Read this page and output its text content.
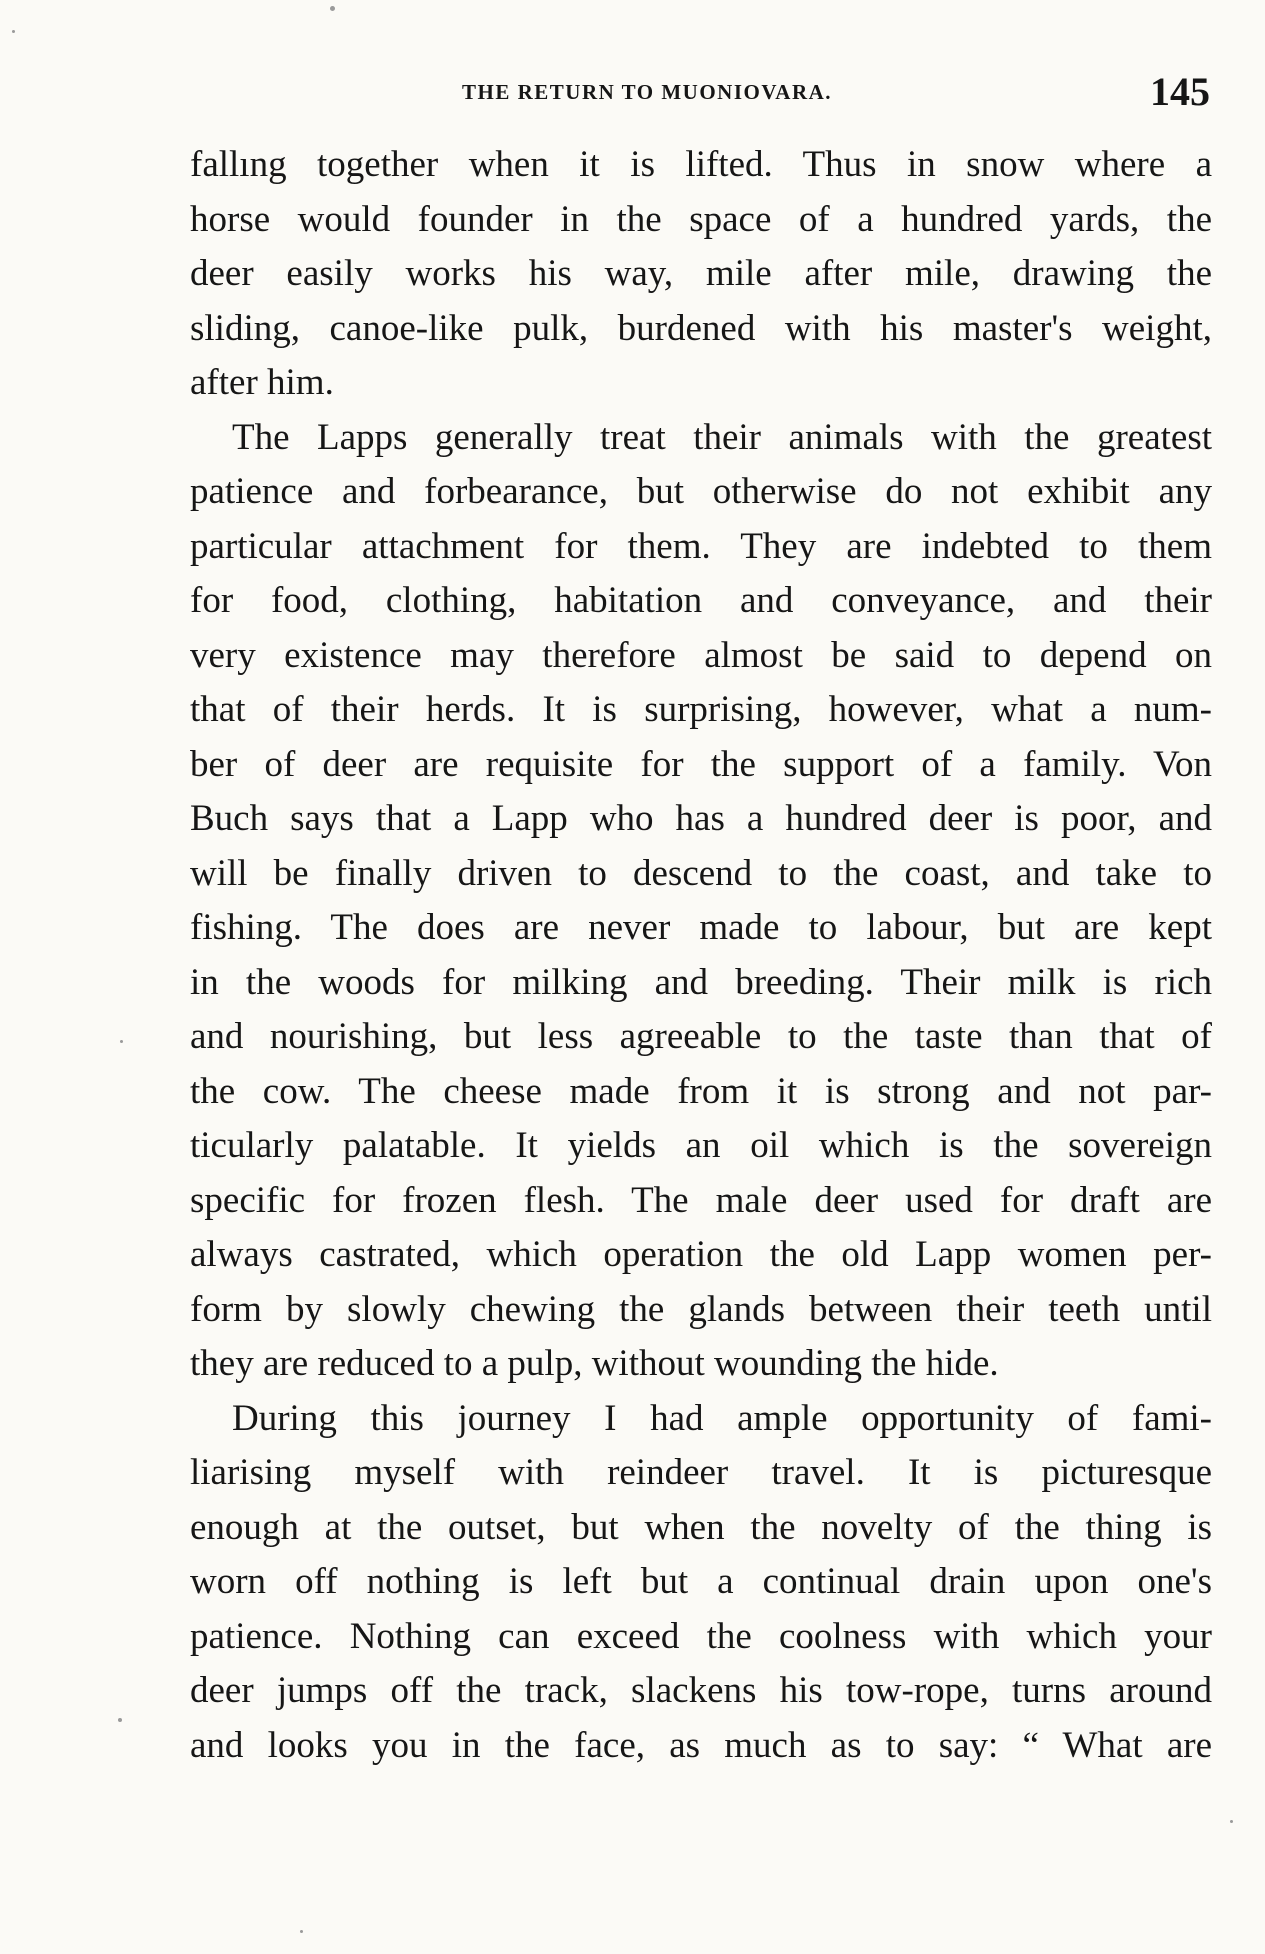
THE RETURN TO MUONIOVARA.	145
fallıng together when it is lifted. Thus in snow where a
horse would founder in the space of a hundred yards, the
deer easily works his way, mile after mile, drawing the
sliding, canoe-like pulk, burdened with his master's weight,
after him.
The Lapps generally treat their animals with the greatest
patience and forbearance, but otherwise do not exhibit any
particular attachment for them. They are indebted to them
for food, clothing, habitation and conveyance, and their
very existence may therefore almost be said to depend on
that of their herds. It is surprising, however, what a num-
ber of deer are requisite for the support of a family. Von
Buch says that a Lapp who has a hundred deer is poor, and
will be finally driven to descend to the coast, and take to
fishing. The does are never made to labour, but are kept
in the woods for milking and breeding. Their milk is rich
and nourishing, but less agreeable to the taste than that of
the cow. The cheese made from it is strong and not par-
ticularly palatable. It yields an oil which is the sovereign
specific for frozen flesh. The male deer used for draft are
always castrated, which operation the old Lapp women per-
form by slowly chewing the glands between their teeth until
they are reduced to a pulp, without wounding the hide.
During this journey I had ample opportunity of fami-
liarising myself with reindeer travel. It is picturesque
enough at the outset, but when the novelty of the thing is
worn off nothing is left but a continual drain upon one's
patience. Nothing can exceed the coolness with which your
deer jumps off the track, slackens his tow-rope, turns around
and looks you in the face, as much as to say: “ What are
